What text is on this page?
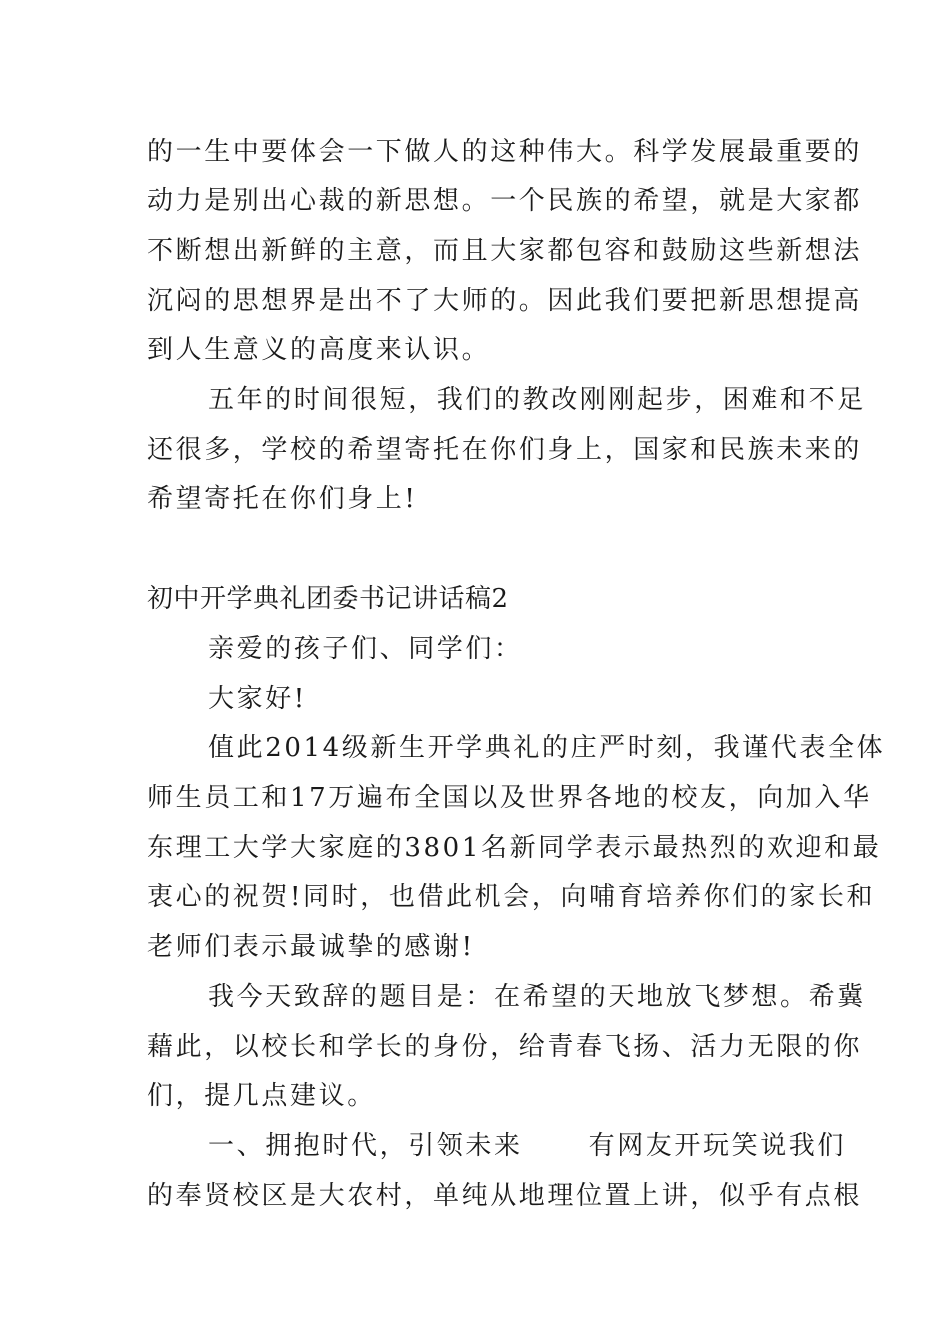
的一生中要体会一下做人的这种伟大。科学发展最重要的
动力是别出心裁的新思想。一个民族的希望，就是大家都
不断想出新鲜的主意，而且大家都包容和鼓励这些新想法
沉闷的思想界是出不了大师的。因此我们要把新思想提高
到人生意义的高度来认识。
五年的时间很短，我们的教改刚刚起步，困难和不足
还很多，学校的希望寄托在你们身上，国家和民族未来的
希望寄托在你们身上!
初中开学典礼团委书记讲话稿2
亲爱的孩子们、同学们：
大家好!
值此2014级新生开学典礼的庄严时刻，我谨代表全体
师生员工和17万遍布全国以及世界各地的校友，向加入华
东理工大学大家庭的3801名新同学表示最热烈的欢迎和最
衷心的祝贺!同时，也借此机会，向哺育培养你们的家长和
老师们表示最诚挚的感谢!
我今天致辞的题目是：在希望的天地放飞梦想。希冀
藉此，以校长和学长的身份，给青春飞扬、活力无限的你
们，提几点建议。
一、拥抱时代，引领未来	有网友开玩笑说我们
的奉贤校区是大农村，单纯从地理位置上讲，似乎有点根
